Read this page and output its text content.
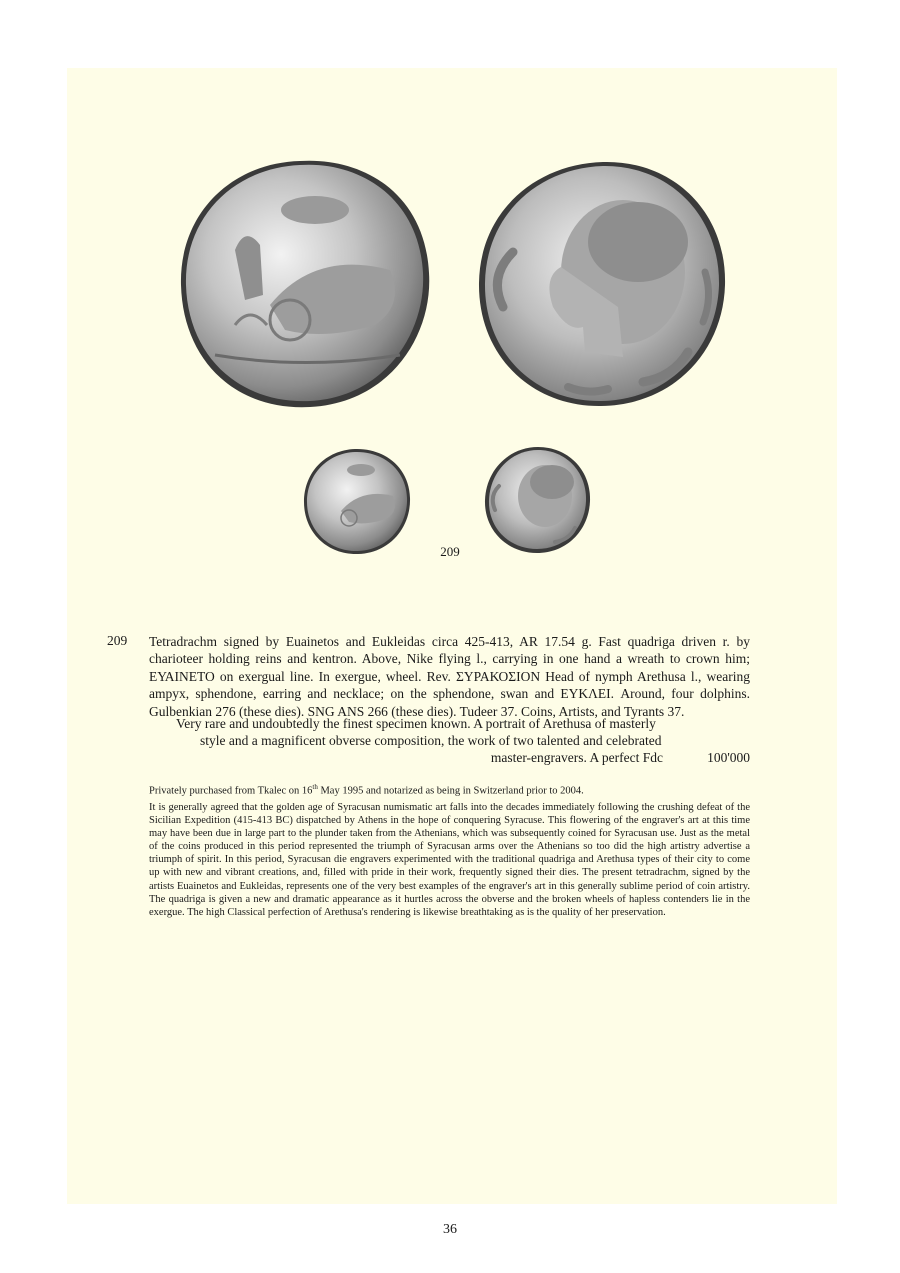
209
209 Tetradrachm signed by Euainetos and Eukleidas circa 425-413, AR 17.54 g. Fast quadriga driven r. by charioteer holding reins and kentron. Above, Nike flying l., carrying in one hand a wreath to crown him; ΕΥΑΙΝΕΤΟ on exergual line. In exergue, wheel. Rev. ΣΥΡΑΚΟΣΙΟΝ Head of nymph Arethusa l., wearing ampyx, sphendone, earring and necklace; on the sphendone, swan and ΕΥΚΛΕΙ. Around, four dolphins. Gulbenkian 276 (these dies). SNG ANS 266 (these dies). Tudeer 37. Coins, Artists, and Tyrants 37.

Very rare and undoubtedly the finest specimen known. A portrait of Arethusa of masterly
style and a magnificent obverse composition, the work of two talented and celebrated
master-engravers. A perfect Fdc	100'000
Privately purchased from Tkalec on 16th May 1995 and notarized as being in Switzerland prior to 2004.

It is generally agreed that the golden age of Syracusan numismatic art falls into the decades immediately following the crushing defeat of the Sicilian Expedition (415-413 BC) dispatched by Athens in the hope of conquering Syracuse. This flowering of the engraver's art at this time may have been due in large part to the plunder taken from the Athenians, which was subsequently coined for Syracusan use. Just as the metal of the coins produced in this period represented the triumph of Syracusan arms over the Athenians so too did the high artistry advertise a triumph of spirit. In this period, Syracusan die engravers experimented with the traditional quadriga and Arethusa types of their city to come up with new and vibrant creations, and, filled with pride in their work, frequently signed their dies. The present tetradrachm, signed by the artists Euainetos and Eukleidas, represents one of the very best examples of the engraver's art in this generally sublime period of coin artistry. The quadriga is given a new and dramatic appearance as it hurtles across the obverse and the broken wheels of hapless contenders lie in the exergue. The high Classical perfection of Arethusa's rendering is likewise breathtaking as is the quality of her preservation.

36
